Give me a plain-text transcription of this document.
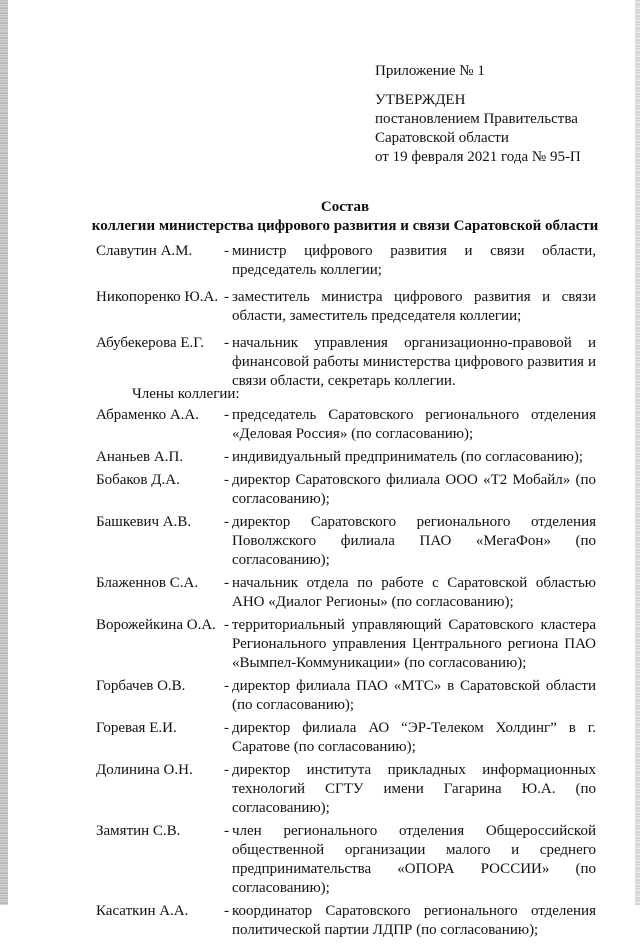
Приложение № 1
УТВЕРЖДЕН
постановлением Правительства
Саратовской области
от 19 февраля 2021 года № 95-П
Состав
коллегии министерства цифрового развития и связи Саратовской области
Славутин А.М.	- министр цифрового развития и связи области, председатель коллегии;
Никопоренко Ю.А. - заместитель министра цифрового развития и связи области, заместитель председателя коллегии;
Абубекерова Е.Г.	- начальник управления организационно-правовой и финансовой работы министерства цифрового развития и связи области, секретарь коллегии.
Члены коллегии:
Абраменко А.А.	- председатель Саратовского регионального отделения «Деловая Россия» (по согласованию);
Ананьев А.П.	- индивидуальный предприниматель (по согласованию);
Бобаков Д.А.	- директор Саратовского филиала ООО «Т2 Мобайл» (по согласованию);
Башкевич А.В.	- директор Саратовского регионального отделения Поволжского филиала ПАО «МегаФон» (по согласованию);
Блаженнов С.А.	- начальник отдела по работе с Саратовской областью АНО «Диалог Регионы» (по согласованию);
Ворожейкина О.А. - территориальный управляющий Саратовского кластера Регионального управления Центрального региона ПАО «Вымпел-Коммуникации» (по согласованию);
Горбачев О.В.	- директор филиала ПАО «МТС» в Саратовской области (по согласованию);
Горевая Е.И.	- директор филиала АО “ЭР-Телеком Холдинг” в г. Саратове (по согласованию);
Долинина О.Н.	- директор института прикладных информационных технологий СГТУ имени Гагарина Ю.А. (по согласованию);
Замятин С.В.	- член регионального отделения Общероссийской общественной организации малого и среднего предпринимательства «ОПОРА РОССИИ» (по согласованию);
Касаткин А.А.	- координатор Саратовского регионального отделения политической партии ЛДПР (по согласованию);
